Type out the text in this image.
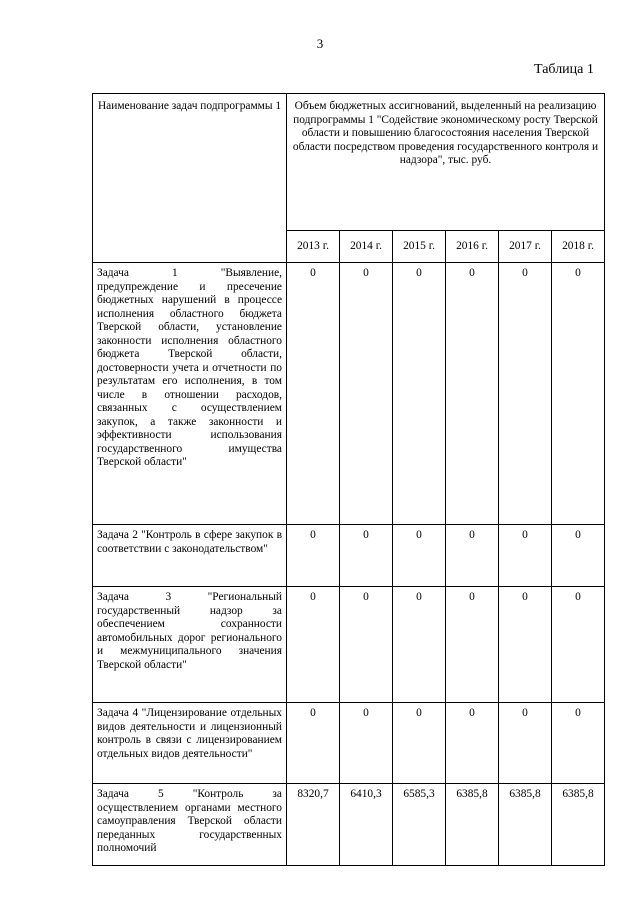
3
Таблица 1
Наименование задач подпрограммы 1	Объем бюджетных ассигнований, выделенный на реализацию подпрограммы 1 "Содействие экономическому росту Тверской области и повышению благосостояния населения Тверской области посредством проведения государственного контроля и надзора", тыс. руб.					
	2013 г.	2014 г.	2015 г.	2016 г.	2017 г.	2018 г.
Задача 1 "Выявление, предупреждение и пресечение бюджетных нарушений в процессе исполнения областного бюджета Тверской области, установление законности исполнения областного бюджета Тверской области, достоверности учета и отчетности по результатам его исполнения, в том числе в отношении расходов, связанных с осуществлением закупок, а также законности и эффективности использования государственного имущества Тверской области"	0	0	0	0	0	0
Задача 2 "Контроль в сфере закупок в соответствии с законодательством"	0	0	0	0	0	0
Задача 3 "Региональный государственный надзор за обеспечением сохранности автомобильных дорог регионального и межмуниципального значения Тверской области"	0	0	0	0	0	0
Задача 4 "Лицензирование отдельных видов деятельности и лицензионный контроль в связи с лицензированием отдельных видов деятельности"	0	0	0	0	0	0
Задача 5 "Контроль за осуществлением органами местного самоуправления Тверской области переданных государственных полномочий	8320,7	6410,3	6585,3	6385,8	6385,8	6385,8
